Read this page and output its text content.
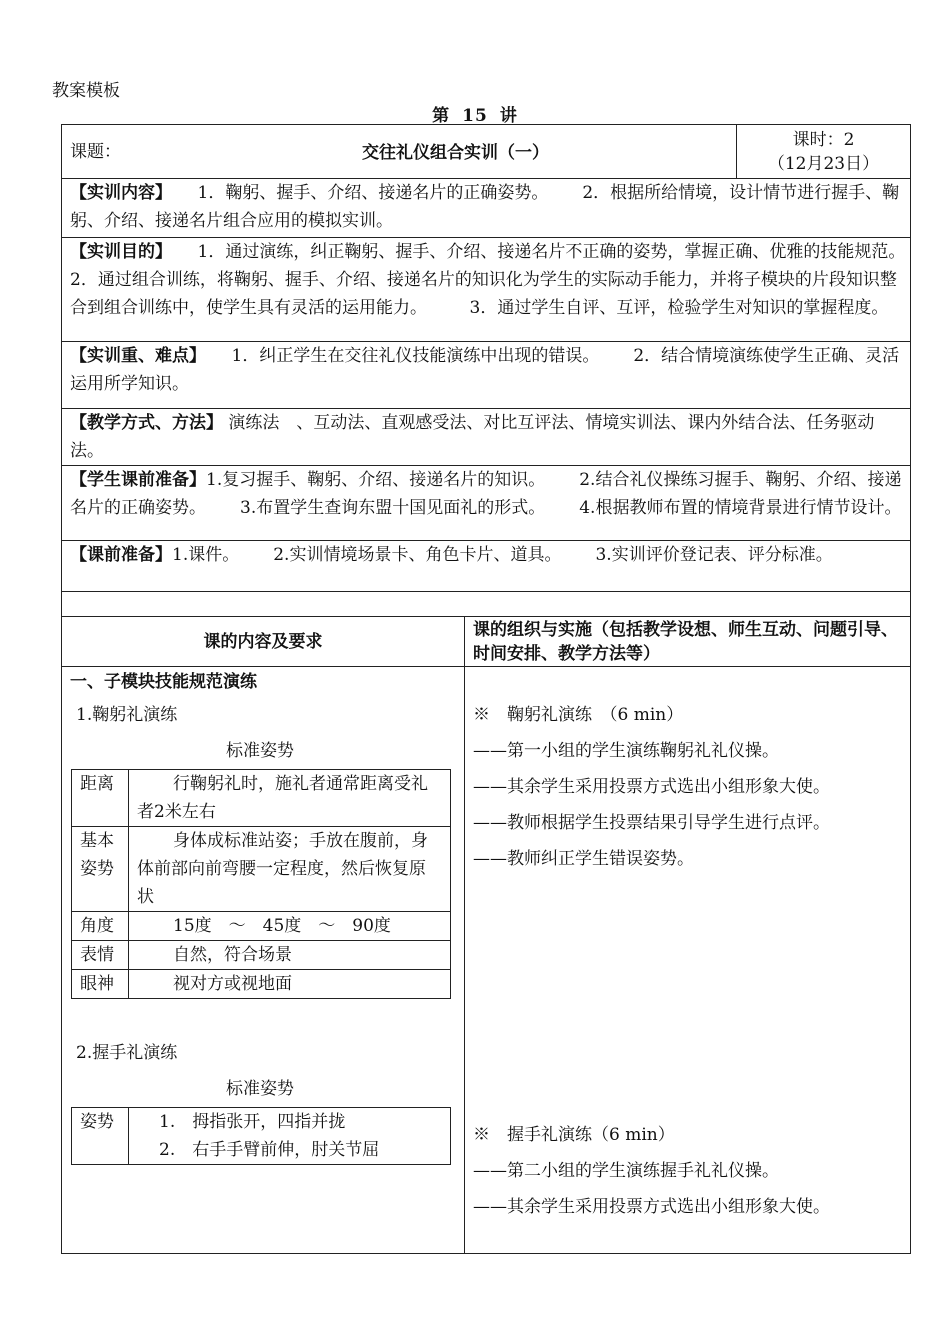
教案模板
第 15 讲
课题：	交往礼仪组合实训（一）

课时：2
（12月23日）

【实训内容】　　 1．鞠躬、握手、介绍、接递名片的正确姿势。 2．根据所给情境，设计情节进行握手、鞠躬、介绍、接递名片组合应用的模拟实训。
【实训目的】　　 1．通过演练，纠正鞠躬、握手、介绍、接递名片不正确的姿势，掌握正确、优雅的技能规范。　　2．通过组合训练，将鞠躬、握手、介绍、接递名片的知识化为学生的实际动手能力，并将子模块的片段知识整合到组合训练中，使学生具有灵活的运用能力。　　　	3．通过学生自评、互评，检验学生对知识的掌握程度。
【实训重、难点】　　 1．纠正学生在交往礼仪技能演练中出现的错误。 2．结合情境演练使学生正确、灵活运用所学知识。
【教学方式、方法】 演练法　、互动法、直观感受法、对比互评法、情境实训法、课内外结合法、任务驱动法。
【学生课前准备】1.复习握手、鞠躬、介绍、接递名片的知识。 2.结合礼仪操练习握手、鞠躬、介绍、接递名片的正确姿势。 3.布置学生查询东盟十国见面礼的形式。 4.根据教师布置的情境背景进行情节设计。
【课前准备】1.课件。 2.实训情境场景卡、角色卡片、道具。 3.实训评价登记表、评分标准。

课的内容及要求	课的组织与实施（包括教学设想、师生互动、问题引导、时间安排、教学方法等）

一、子模块技能规范演练
1.鞠躬礼演练
标准姿势
距离	行鞠躬礼时，施礼者通常距离受礼者2米左右
基本姿势	身体成标准站姿；手放在腹前，身体前部向前弯腰一定程度，然后恢复原状
角度	15度　～　45度　～　90度
表情	自然，符合场景
眼神	视对方或视地面
2.握手礼演练
标准姿势
姿势	1.　拇指张开，四指并拢
2.　右手手臂前伸，肘关节屈

※　鞠躬礼演练　（6 min）
——第一小组的学生演练鞠躬礼礼仪操。
——其余学生采用投票方式选出小组形象大使。
——教师根据学生投票结果引导学生进行点评。
——教师纠正学生错误姿势。
※　握手礼演练（6 min）
——第二小组的学生演练握手礼礼仪操。
——其余学生采用投票方式选出小组形象大使。
